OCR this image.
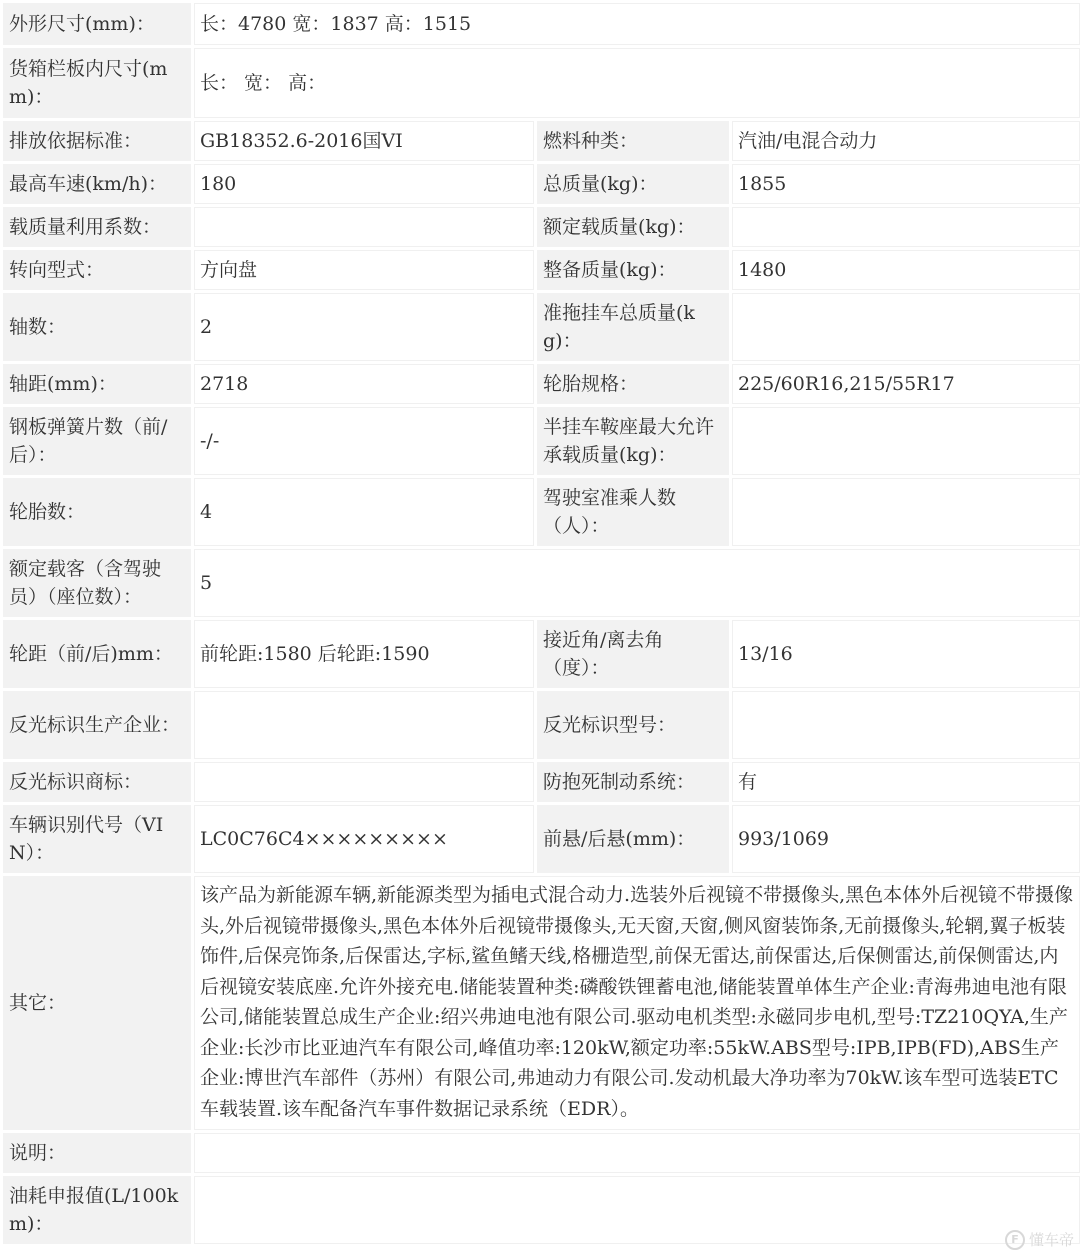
外形尺寸(mm)：	长：4780 宽：1837 高：1515		
货箱栏板内尺寸(mm)：	长： 宽： 高：		
排放依据标准：	GB18352.6-2016国VI	燃料种类：	汽油/电混合动力
最高车速(km/h)：	180	总质量(kg)：	1855
载质量利用系数：		额定载质量(kg)：	
转向型式：	方向盘	整备质量(kg)：	1480
轴数：	2	准拖挂车总质量(kg)：	
轴距(mm)：	2718	轮胎规格：	225/60R16,215/55R17
钢板弹簧片数（前/后）：	-/-	半挂车鞍座最大允许承载质量(kg)：	
轮胎数：	4	驾驶室准乘人数（人）：	
额定载客（含驾驶员）（座位数）：	5		
轮距（前/后)mm：	前轮距:1580 后轮距:1590	接近角/离去角（度）：	13/16
反光标识生产企业：		反光标识型号：	
反光标识商标：		防抱死制动系统：	有
车辆识别代号（VIN）：	LC0C76C4×××××××××	前悬/后悬(mm)：	993/1069
其它：	该产品为新能源车辆,新能源类型为插电式混合动力.选装外后视镜不带摄像头,黑色本体外后视镜不带摄像头,外后视镜带摄像头,黑色本体外后视镜带摄像头,无天窗,天窗,侧风窗装饰条,无前摄像头,轮辋,翼子板装饰件,后保亮饰条,后保雷达,字标,鲨鱼鳍天线,格栅造型,前保无雷达,前保雷达,后保侧雷达,前保侧雷达,内后视镜安装底座.允许外接充电.储能装置种类:磷酸铁锂蓄电池,储能装置单体生产企业:青海弗迪电池有限公司,储能装置总成生产企业:绍兴弗迪电池有限公司.驱动电机类型:永磁同步电机,型号:TZ210QYA,生产企业:长沙市比亚迪汽车有限公司,峰值功率:120kW,额定功率:55kW.ABS型号:IPB,IPB(FD),ABS生产企业:博世汽车部件（苏州）有限公司,弗迪动力有限公司.发动机最大净功率为70kW.该车型可选装ETC车载装置.该车配备汽车事件数据记录系统（EDR）。		
说明：			
油耗申报值(L/100km)：			
F 懂车帝
